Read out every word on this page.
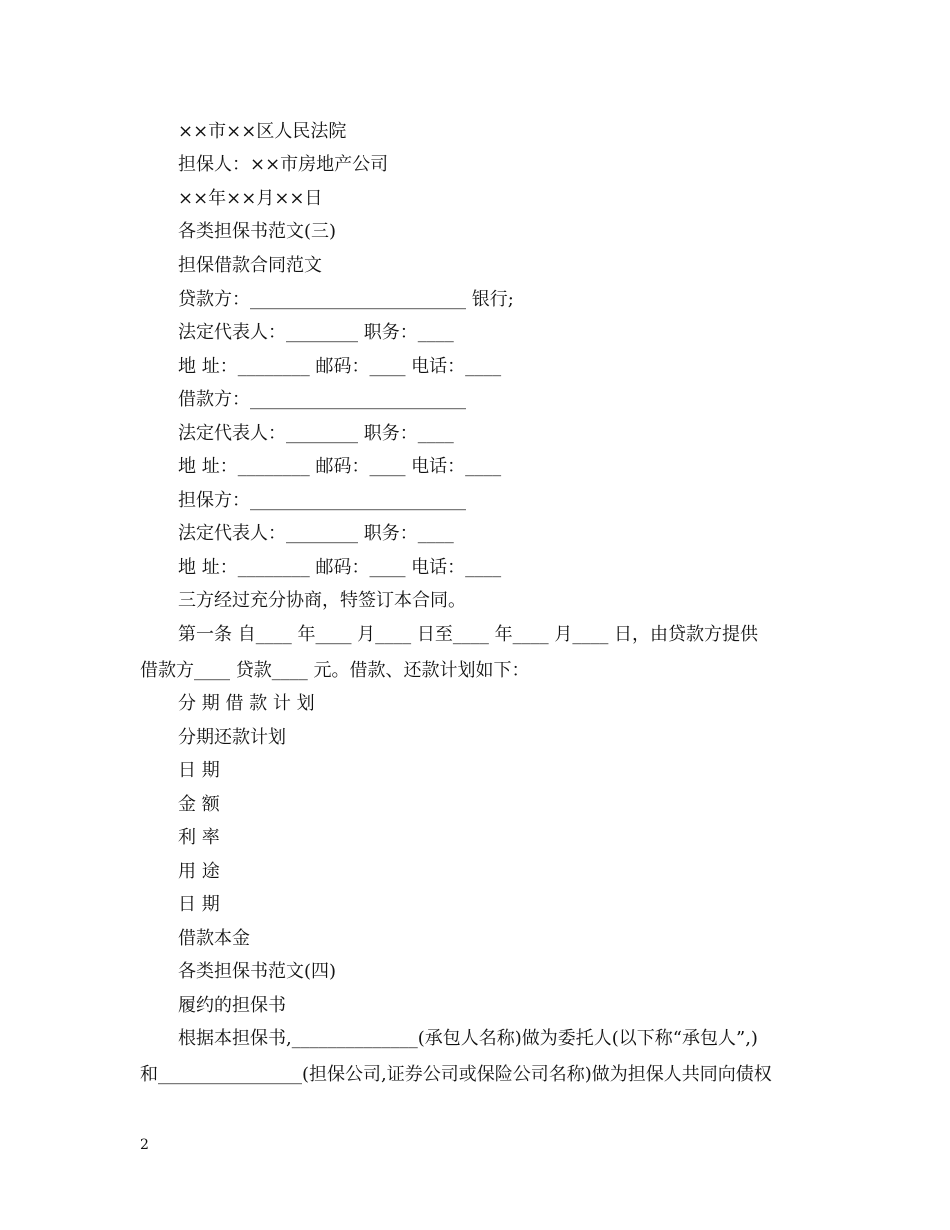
××市××区人民法院
担保人：××市房地产公司
××年××月××日
各类担保书范文(三)
担保借款合同范文
贷款方：________________________ 银行;
法定代表人：________ 职务：____
地 址：________ 邮码：____ 电话：____
借款方：________________________
法定代表人：________ 职务：____
地 址：________ 邮码：____ 电话：____
担保方：________________________
法定代表人：________ 职务：____
地 址：________ 邮码：____ 电话：____
三方经过充分协商，特签订本合同。
第一条 自____ 年____ 月____ 日至____ 年____ 月____ 日，由贷款方提供
借款方____ 贷款____ 元。借款、还款计划如下：
分 期 借 款 计 划
分期还款计划
日 期
金 额
利 率
用 途
日 期
借款本金
各类担保书范文(四)
履约的担保书
根据本担保书,______________(承包人名称)做为委托人(以下称“承包人”,)
和________________(担保公司,证券公司或保险公司名称)做为担保人共同向债权
2
